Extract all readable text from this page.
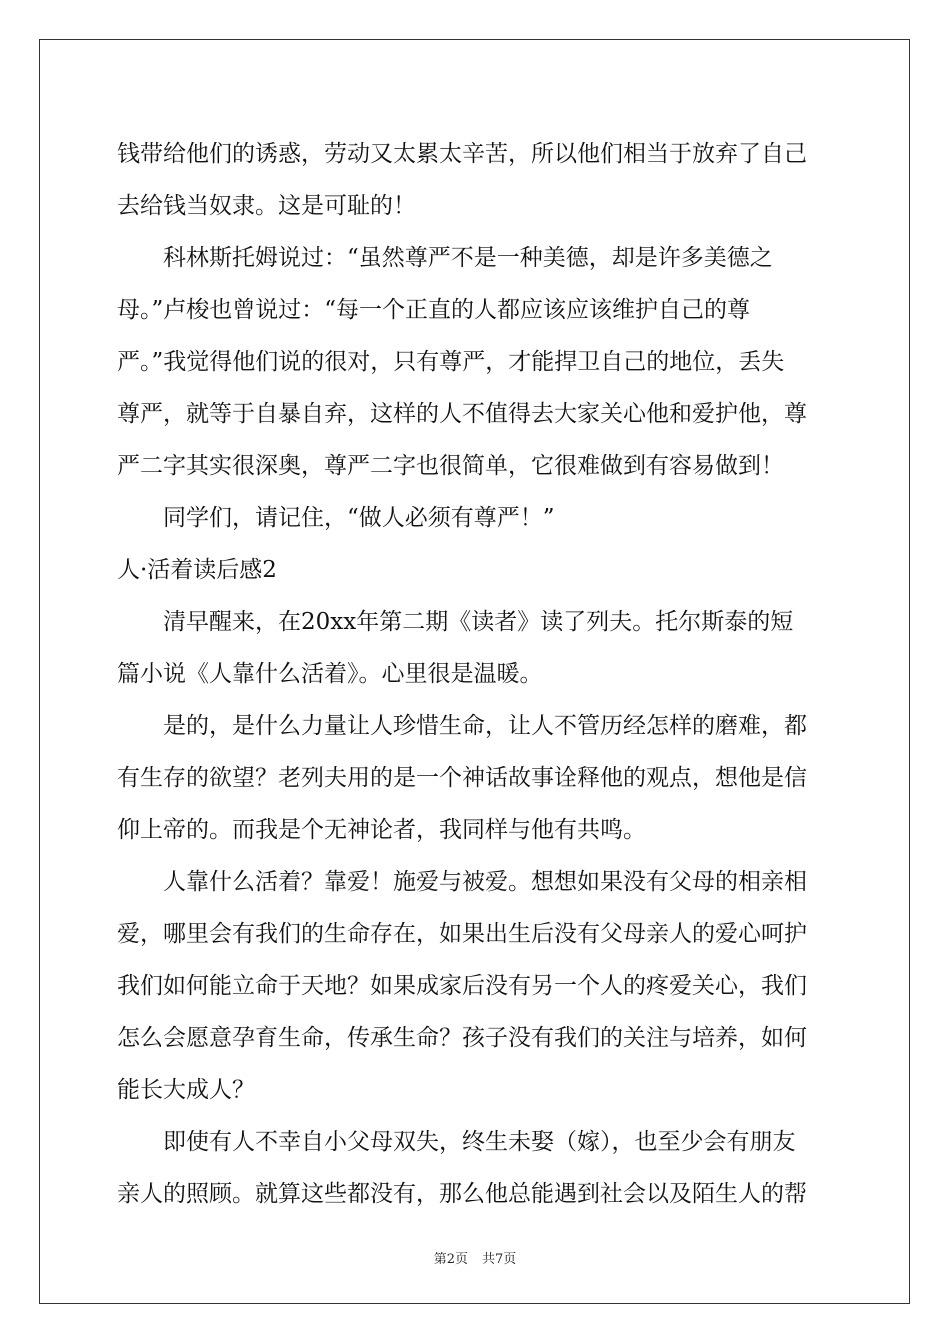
钱带给他们的诱惑，劳动又太累太辛苦，所以他们相当于放弃了自己
去给钱当奴隶。这是可耻的！
科林斯托姆说过：“虽然尊严不是一种美德，却是许多美德之
母。”卢梭也曾说过：“每一个正直的人都应该应该维护自己的尊
严。”我觉得他们说的很对，只有尊严，才能捍卫自己的地位，丢失
尊严，就等于自暴自弃，这样的人不值得去大家关心他和爱护他，尊
严二字其实很深奥，尊严二字也很简单，它很难做到有容易做到！
同学们，请记住，“做人必须有尊严！”
人·活着读后感2
清早醒来，在20xx年第二期《读者》读了列夫。托尔斯泰的短
篇小说《人靠什么活着》。心里很是温暖。
是的，是什么力量让人珍惜生命，让人不管历经怎样的磨难，都
有生存的欲望？老列夫用的是一个神话故事诠释他的观点，想他是信
仰上帝的。而我是个无神论者，我同样与他有共鸣。
人靠什么活着？靠爱！施爱与被爱。想想如果没有父母的相亲相
爱，哪里会有我们的生命存在，如果出生后没有父母亲人的爱心呵护
我们如何能立命于天地？如果成家后没有另一个人的疼爱关心，我们
怎么会愿意孕育生命，传承生命？孩子没有我们的关注与培养，如何
能长大成人？
即使有人不幸自小父母双失，终生未娶（嫁），也至少会有朋友
亲人的照顾。就算这些都没有，那么他总能遇到社会以及陌生人的帮
第2页 共7页
